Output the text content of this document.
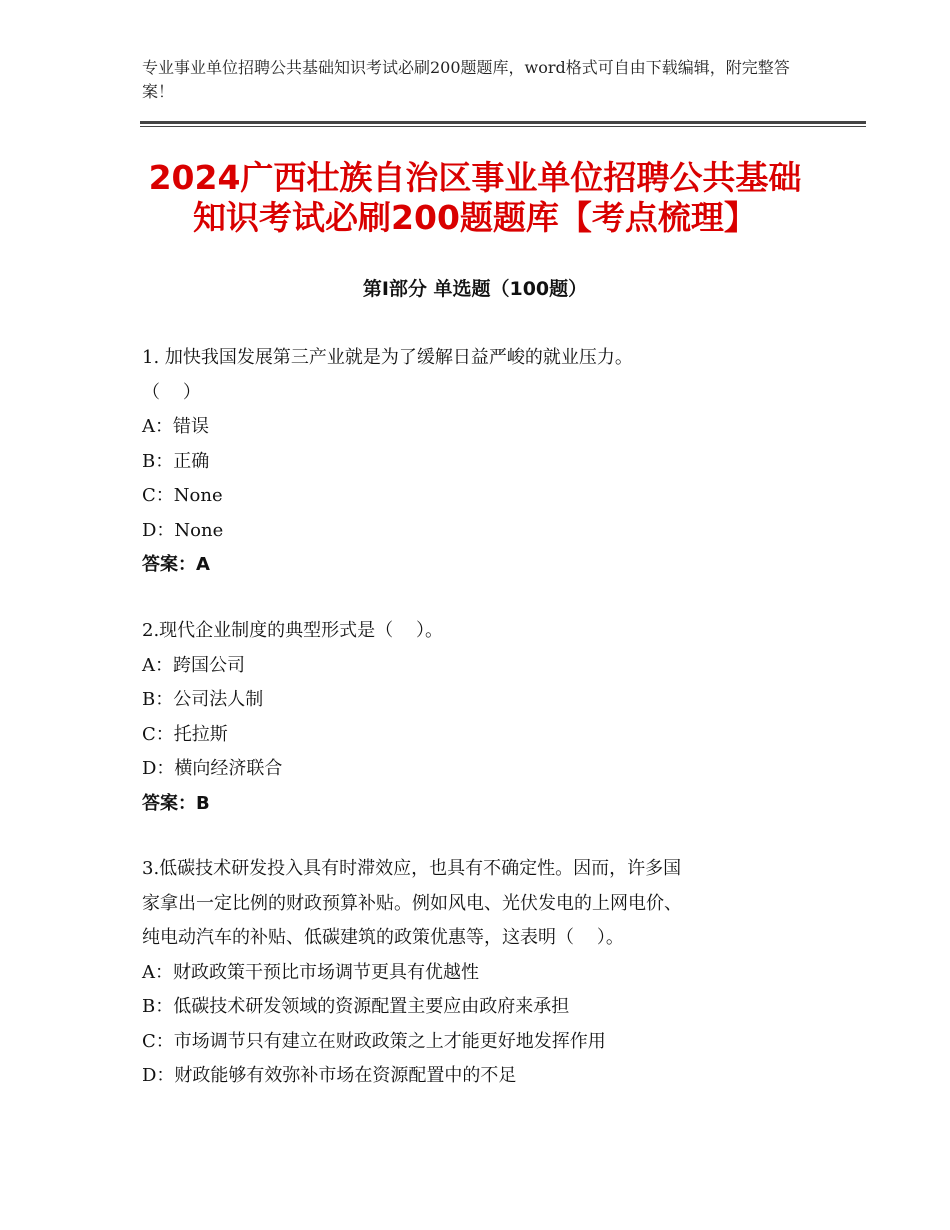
专业事业单位招聘公共基础知识考试必刷200题题库，word格式可自由下载编辑，附完整答案！
2024广西壮族自治区事业单位招聘公共基础
知识考试必刷200题题库【考点梳理】
第Ⅰ部分 单选题（100题）

1. 加快我国发展第三产业就是为了缓解日益严峻的就业压力。

（    ）

A：错误

B：正确

C：None

D：None

答案：A

2.现代企业制度的典型形式是（    ）。

A：跨国公司

B：公司法人制

C：托拉斯

D：横向经济联合

答案：B

3.低碳技术研发投入具有时滞效应，也具有不确定性。因而，许多国

家拿出一定比例的财政预算补贴。例如风电、光伏发电的上网电价、

纯电动汽车的补贴、低碳建筑的政策优惠等，这表明（    ）。

A：财政政策干预比市场调节更具有优越性

B：低碳技术研发领域的资源配置主要应由政府来承担

C：市场调节只有建立在财政政策之上才能更好地发挥作用

D：财政能够有效弥补市场在资源配置中的不足
